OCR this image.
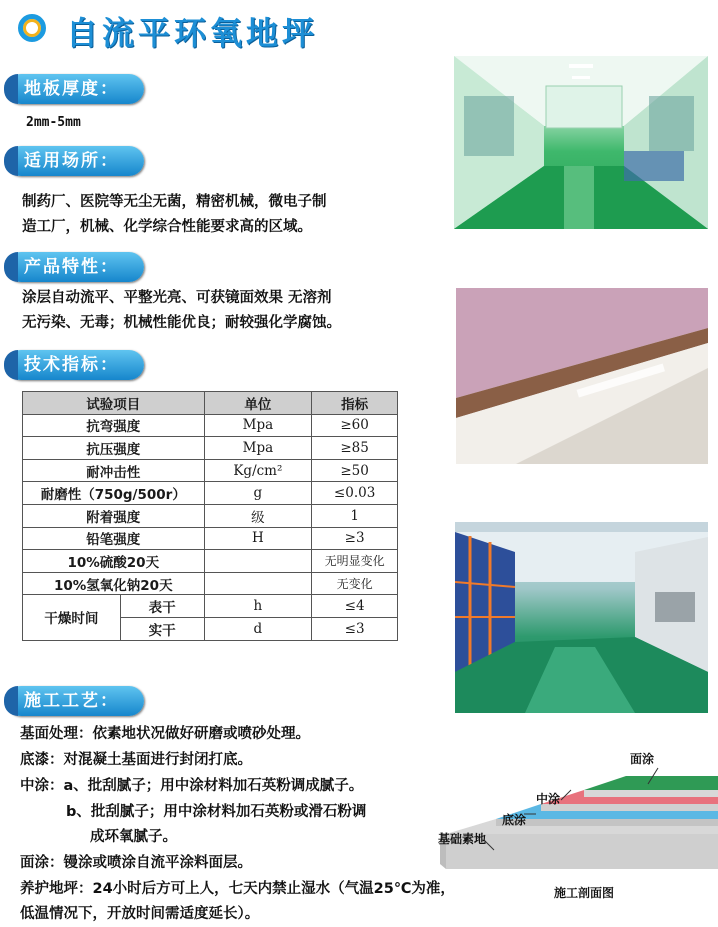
自流平环氧地坪
地板厚度：
2mm-5mm
适用场所：
制药厂、医院等无尘无菌，精密机械，微电子制
造工厂，机械、化学综合性能要求高的区域。
产品特性：
涂层自动流平、平整光亮、可获镜面效果 无溶剂
无污染、无毒；机械性能优良；耐较强化学腐蚀。
技术指标：
试验项目		单位	指标
抗弯强度		Mpa	≥60
抗压强度		Mpa	≥85
耐冲击性		Kg/cm²	≥50
耐磨性（750g/500r）		g	≤0.03
附着强度		级	1
铅笔强度		H	≥3
10%硫酸20天			无明显变化
10%氢氧化钠20天			无变化
干燥时间	表干	h	≤4
	实干	d	≤3
施工工艺：
基面处理：依素地状况做好研磨或喷砂处理。
底漆：对混凝土基面进行封闭打底。
中涂：a、批刮腻子；用中涂材料加石英粉调成腻子。
b、批刮腻子；用中涂材料加石英粉或滑石粉调
成环氧腻子。
面涂：镘涂或喷涂自流平涂料面层。
养护地坪：24小时后方可上人，七天内禁止湿水（气温25℃为准，
低温情况下，开放时间需适度延长）。
面涂
中涂
底涂
基础素地
施工剖面图
